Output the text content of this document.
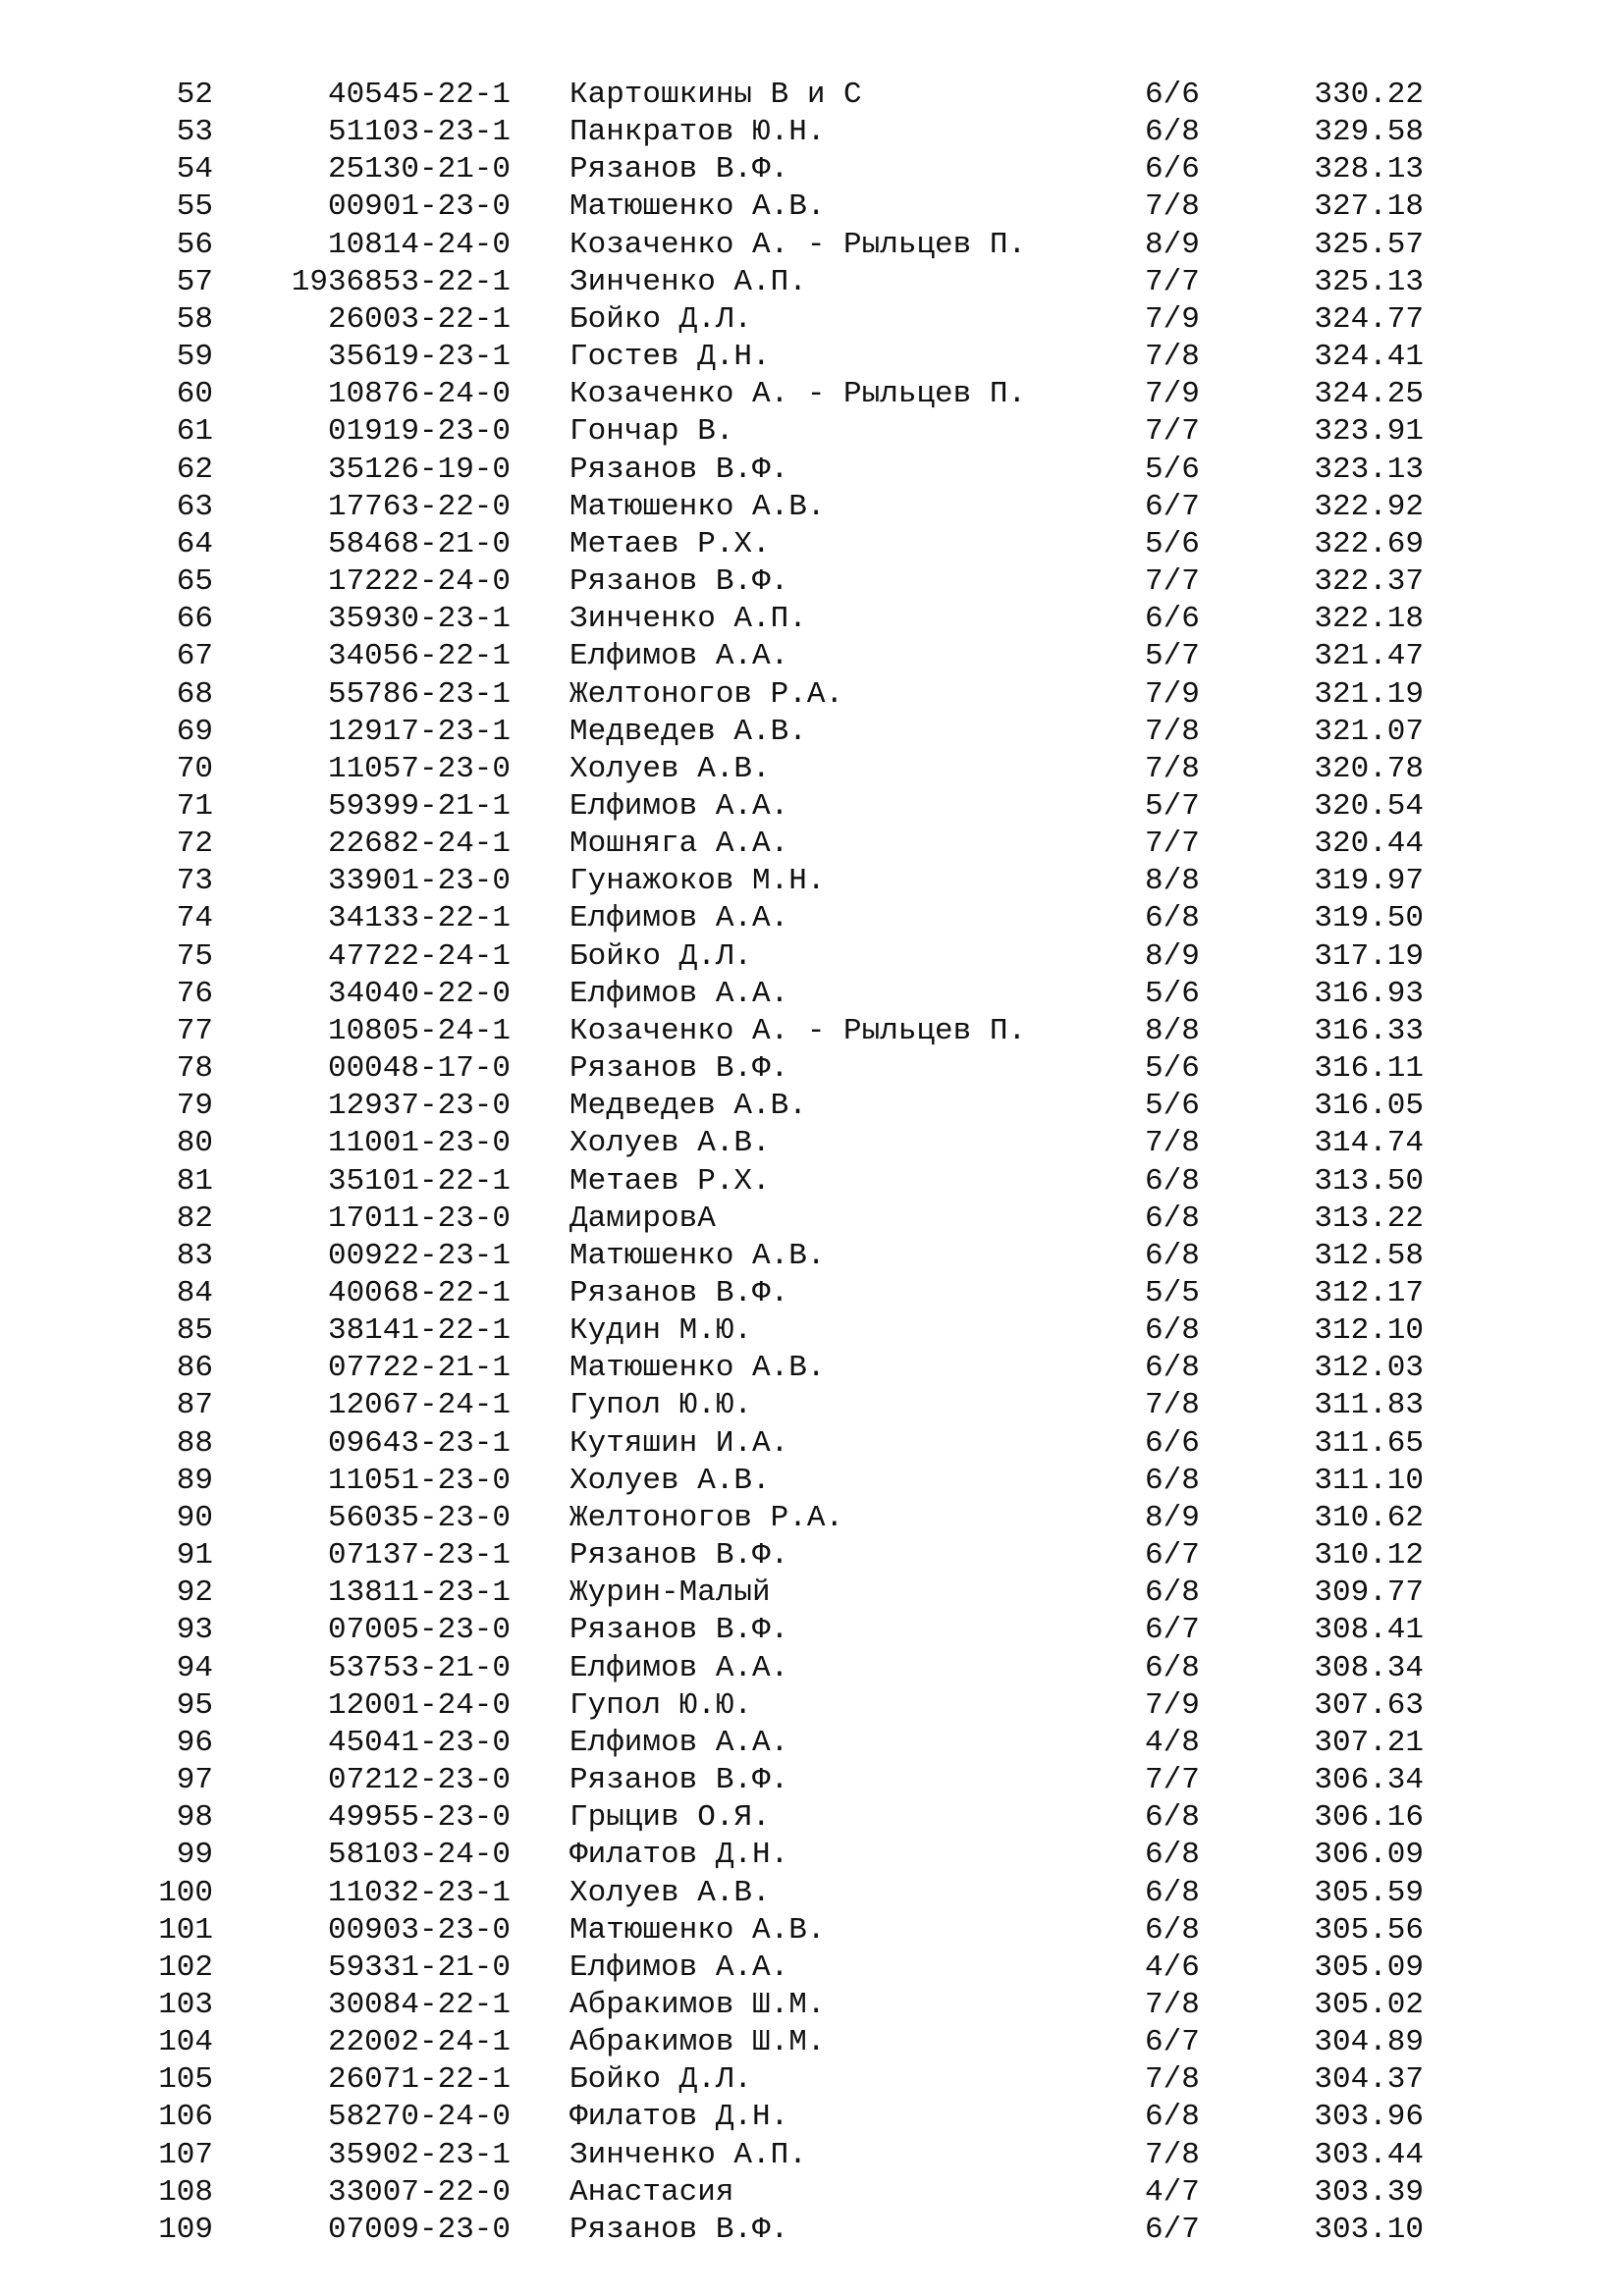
52	40545-22-1 Картошкины В и С	6/6	330.22
53	51103-23-1 Панкратов Ю.Н.	6/8	329.58
54	25130-21-0 Рязанов В.Ф.	6/6	328.13
55	00901-23-0 Матюшенко А.В.	7/8	327.18
56	10814-24-0 Козаченко А. - Рыльцев П.	8/9	325.57
57	1936853-22-1 Зинченко А.П.	7/7	325.13
58	26003-22-1 Бойко Д.Л.	7/9	324.77
59	35619-23-1 Гостев Д.Н.	7/8	324.41
60	10876-24-0 Козаченко А. - Рыльцев П.	7/9	324.25
61	01919-23-0 Гончар В.	7/7	323.91
62	35126-19-0 Рязанов В.Ф.	5/6	323.13
63	17763-22-0 Матюшенко А.В.	6/7	322.92
64	58468-21-0 Метаев Р.Х.	5/6	322.69
65	17222-24-0 Рязанов В.Ф.	7/7	322.37
66	35930-23-1 Зинченко А.П.	6/6	322.18
67	34056-22-1 Елфимов А.А.	5/7	321.47
68	55786-23-1 Желтоногов Р.А.	7/9	321.19
69	12917-23-1 Медведев А.В.	7/8	321.07
70	11057-23-0 Холуев А.В.	7/8	320.78
71	59399-21-1 Елфимов А.А.	5/7	320.54
72	22682-24-1 Мошняга А.А.	7/7	320.44
73	33901-23-0 Гунажоков М.Н.	8/8	319.97
74	34133-22-1 Елфимов А.А.	6/8	319.50
75	47722-24-1 Бойко Д.Л.	8/9	317.19
76	34040-22-0 Елфимов А.А.	5/6	316.93
77	10805-24-1 Козаченко А. - Рыльцев П.	8/8	316.33
78	00048-17-0 Рязанов В.Ф.	5/6	316.11
79	12937-23-0 Медведев А.В.	5/6	316.05
80	11001-23-0 Холуев А.В.	7/8	314.74
81	35101-22-1 Метаев Р.Х.	6/8	313.50
82	17011-23-0 ДамировА	6/8	313.22
83	00922-23-1 Матюшенко А.В.	6/8	312.58
84	40068-22-1 Рязанов В.Ф.	5/5	312.17
85	38141-22-1 Кудин М.Ю.	6/8	312.10
86	07722-21-1 Матюшенко А.В.	6/8	312.03
87	12067-24-1 Гупол Ю.Ю.	7/8	311.83
88	09643-23-1 Кутяшин И.А.	6/6	311.65
89	11051-23-0 Холуев А.В.	6/8	311.10
90	56035-23-0 Желтоногов Р.А.	8/9	310.62
91	07137-23-1 Рязанов В.Ф.	6/7	310.12
92	13811-23-1 Журин-Малый	6/8	309.77
93	07005-23-0 Рязанов В.Ф.	6/7	308.41
94	53753-21-0 Елфимов А.А.	6/8	308.34
95	12001-24-0 Гупол Ю.Ю.	7/9	307.63
96	45041-23-0 Елфимов А.А.	4/8	307.21
97	07212-23-0 Рязанов В.Ф.	7/7	306.34
98	49955-23-0 Грыцив О.Я.	6/8	306.16
99	58103-24-0 Филатов Д.Н.	6/8	306.09
100	11032-23-1 Холуев А.В.	6/8	305.59
101	00903-23-0 Матюшенко А.В.	6/8	305.56
102	59331-21-0 Елфимов А.А.	4/6	305.09
103	30084-22-1 Абракимов Ш.М.	7/8	305.02
104	22002-24-1 Абракимов Ш.М.	6/7	304.89
105	26071-22-1 Бойко Д.Л.	7/8	304.37
106	58270-24-0 Филатов Д.Н.	6/8	303.96
107	35902-23-1 Зинченко А.П.	7/8	303.44
108	33007-22-0 Анастасия	4/7	303.39
109	07009-23-0 Рязанов В.Ф.	6/7	303.10
